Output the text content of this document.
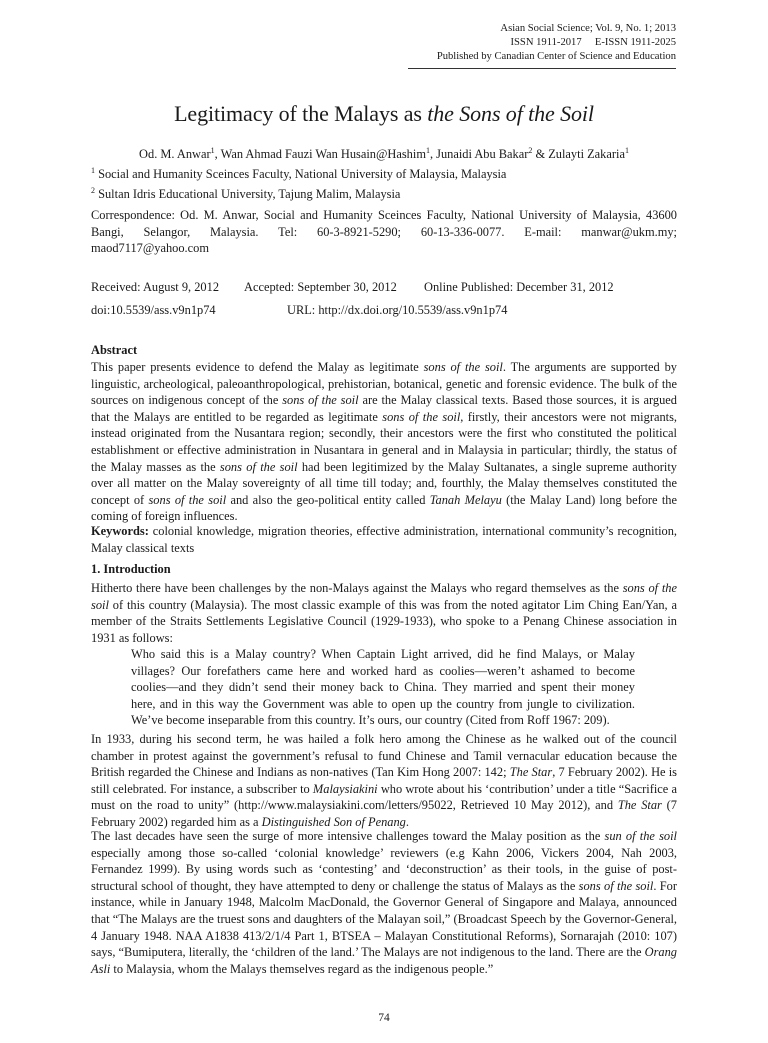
Asian Social Science; Vol. 9, No. 1; 2013
ISSN 1911-2017     E-ISSN 1911-2025
Published by Canadian Center of Science and Education
Legitimacy of the Malays as the Sons of the Soil
Od. M. Anwar$^1$, Wan Ahmad Fauzi Wan Husain@Hashim$^1$, Junaidi Abu Bakar$^2$ & Zulayti Zakaria$^1$
$^1$ Social and Humanity Sceinces Faculty, National University of Malaysia, Malaysia
$^2$ Sultan Idris Educational University, Tajung Malim, Malaysia
Correspondence: Od. M. Anwar, Social and Humanity Sceinces Faculty, National University of Malaysia, 43600
Bangi, Selangor, Malaysia. Tel: 60-3-8921-5290; 60-13-336-0077. E-mail: manwar@ukm.my;
maod7117@yahoo.com
Received: August 9, 2012 Accepted: September 30, 2012 Online Published: December 31, 2012
doi:10.5539/ass.v9n1p74	URL: http://dx.doi.org/10.5539/ass.v9n1p74
Abstract
This paper presents evidence to defend the Malay as legitimate sons of the soil. The arguments are supported by linguistic, archeological, paleoanthropological, prehistorian, botanical, genetic and forensic evidence. The bulk of the sources on indigenous concept of the sons of the soil are the Malay classical texts. Based those sources, it is argued that the Malays are entitled to be regarded as legitimate sons of the soil, firstly, their ancestors were not migrants, instead originated from the Nusantara region; secondly, their ancestors were the first who constituted the political establishment or effective administration in Nusantara in general and in Malaysia in particular; thirdly, the status of the Malay masses as the sons of the soil had been legitimized by the Malay Sultanates, a single supreme authority over all matter on the Malay sovereignty of all time till today; and, fourthly, the Malay themselves constituted the concept of sons of the soil and also the geo-political entity called Tanah Melayu (the Malay Land) long before the coming of foreign influences.
Keywords: colonial knowledge, migration theories, effective administration, international community’s recognition, Malay classical texts
1. Introduction
Hitherto there have been challenges by the non-Malays against the Malays who regard themselves as the sons of the soil of this country (Malaysia). The most classic example of this was from the noted agitator Lim Ching Ean/Yan, a member of the Straits Settlements Legislative Council (1929-1933), who spoke to a Penang Chinese association in 1931 as follows:
Who said this is a Malay country? When Captain Light arrived, did he find Malays, or Malay
villages? Our forefathers came here and worked hard as coolies―weren’t ashamed to become
coolies―and they didn’t send their money back to China. They married and spent their money
here, and in this way the Government was able to open up the country from jungle to civilization.
We’ve become inseparable from this country. It’s ours, our country (Cited from Roff 1967: 209).
In 1933, during his second term, he was hailed a folk hero among the Chinese as he walked out of the council chamber in protest against the government’s refusal to fund Chinese and Tamil vernacular education because the British regarded the Chinese and Indians as non-natives (Tan Kim Hong 2007: 142; The Star, 7 February 2002). He is still celebrated. For instance, a subscriber to Malaysiakini who wrote about his ‘contribution’ under a title “Sacrifice a must on the road to unity” (http://www.malaysiakini.com/letters/95022, Retrieved 10 May 2012), and The Star (7 February 2002) regarded him as a Distinguished Son of Penang.
The last decades have seen the surge of more intensive challenges toward the Malay position as the sun of the soil especially among those so-called ‘colonial knowledge’ reviewers (e.g Kahn 2006, Vickers 2004, Nah 2003, Fernandez 1999). By using words such as ‘contesting’ and ‘deconstruction’ as their tools, in the guise of post-structural school of thought, they have attempted to deny or challenge the status of Malays as the sons of the soil. For instance, while in January 1948, Malcolm MacDonald, the Governor General of Singapore and Malaya, announced that “The Malays are the truest sons and daughters of the Malayan soil,” (Broadcast Speech by the Governor-General, 4 January 1948. NAA A1838 413/2/1/4 Part 1, BTSEA – Malayan Constitutional Reforms), Sornarajah (2010: 107) says, “Bumiputera, literally, the ‘children of the land.’ The Malays are not indigenous to the land. There are the Orang Asli to Malaysia, whom the Malays themselves regard as the indigenous people.”
74
